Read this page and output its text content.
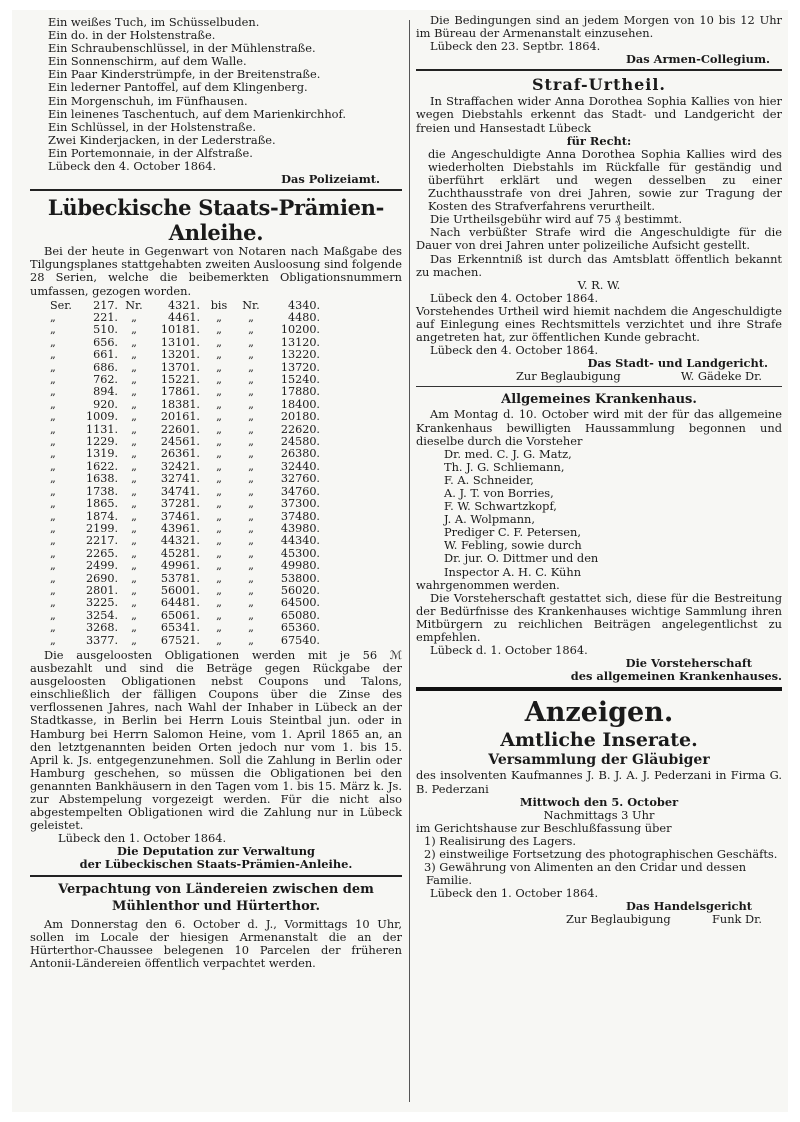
Ein weißes Tuch, im Schüsselbuden.

Ein do. in der Holstenstraße.

Ein Schraubenschlüssel, in der Mühlenstraße.

Ein Sonnenschirm, auf dem Walle.

Ein Paar Kinderstrümpfe, in der Breitenstraße.

Ein lederner Pantoffel, auf dem Klingenberg.

Ein Morgenschuh, im Fünfhausen.

Ein leinenes Taschentuch, auf dem Marienkirchhof.

Ein Schlüssel, in der Holstenstraße.

Zwei Kinderjacken, in der Lederstraße.

Ein Portemonnaie, in der Alfstraße.

Lübeck den 4. October 1864.

Das Polizeiamt.

Lübeckische Staats-Prämien-Anleihe.

Bei der heute in Gegenwart von Notaren nach Maßgabe des Tilgungsplanes stattgehabten zweiten Ausloosung sind folgende 28 Serien, welche die beibemerkten Obligationsnummern umfassen, gezogen worden.

Ser.	217.	Nr.	4321.	bis	Nr.	4340.
„	221.	„	4461.	„	„	4480.
„	510.	„	10181.	„	„	10200.
„	656.	„	13101.	„	„	13120.
„	661.	„	13201.	„	„	13220.
„	686.	„	13701.	„	„	13720.
„	762.	„	15221.	„	„	15240.
„	894.	„	17861.	„	„	17880.
„	920.	„	18381.	„	„	18400.
„	1009.	„	20161.	„	„	20180.
„	1131.	„	22601.	„	„	22620.
„	1229.	„	24561.	„	„	24580.
„	1319.	„	26361.	„	„	26380.
„	1622.	„	32421.	„	„	32440.
„	1638.	„	32741.	„	„	32760.
„	1738.	„	34741.	„	„	34760.
„	1865.	„	37281.	„	„	37300.
„	1874.	„	37461.	„	„	37480.
„	2199.	„	43961.	„	„	43980.
„	2217.	„	44321.	„	„	44340.
„	2265.	„	45281.	„	„	45300.
„	2499.	„	49961.	„	„	49980.
„	2690.	„	53781.	„	„	53800.
„	2801.	„	56001.	„	„	56020.
„	3225.	„	64481.	„	„	64500.
„	3254.	„	65061.	„	„	65080.
„	3268.	„	65341.	„	„	65360.
„	3377.	„	67521.	„	„	67540.

Die ausgeloosten Obligationen werden mit je 56 ℳ ausbezahlt und sind die Beträge gegen Rückgabe der ausgeloosten Obligationen nebst Coupons und Talons, einschließlich der fälligen Coupons über die Zinse des verflossenen Jahres, nach Wahl der Inhaber in Lübeck an der Stadtkasse, in Berlin bei Herrn Louis Steintbal jun. oder in Hamburg bei Herrn Salomon Heine, vom 1. April 1865 an, an den letztgenannten beiden Orten jedoch nur vom 1. bis 15. April k. Js. entgegenzunehmen. Soll die Zahlung in Berlin oder Hamburg geschehen, so müssen die Obligationen bei den genannten Bankhäusern in den Tagen vom 1. bis 15. März k. Js. zur Abstempelung vorgezeigt werden. Für die nicht also abgestempelten Obligationen wird die Zahlung nur in Lübeck geleistet.

Lübeck den 1. October 1864.

Die Deputation zur Verwaltung

der Lübeckischen Staats-Prämien-Anleihe.

Verpachtung von Ländereien zwischen dem
Mühlenthor und Hürterthor.

Am Donnerstag den 6. October d. J., Vormittags 10 Uhr, sollen im Locale der hiesigen Armenanstalt die an der Hürterthor-Chaussee belegenen 10 Parcelen der früheren Antonii-Ländereien öffentlich verpachtet werden.

Die Bedingungen sind an jedem Morgen von 10 bis 12 Uhr im Büreau der Armenanstalt einzusehen.

Lübeck den 23. Septbr. 1864.

Das Armen-Collegium.

Straf-Urtheil.

In Straffachen wider Anna Dorothea Sophia Kallies von hier wegen Diebstahls erkennt das Stadt- und Landgericht der freien und Hansestadt Lübeck

für Recht:

die Angeschuldigte Anna Dorothea Sophia Kallies wird des wiederholten Diebstahls im Rückfalle für geständig und überführt erklärt und wegen desselben zu einer Zuchthausstrafe von drei Jahren, sowie zur Tragung der Kosten des Strafverfahrens verurtheilt.

Die Urtheilsgebühr wird auf 75 ₰ bestimmt.

Nach verbüßter Strafe wird die Angeschuldigte für die Dauer von drei Jahren unter polizeiliche Aufsicht gestellt.

Das Erkenntniß ist durch das Amtsblatt öffentlich bekannt zu machen.

V. R. W.

Lübeck den 4. October 1864.

Vorstehendes Urtheil wird hiemit nachdem die Angeschuldigte auf Einlegung eines Rechtsmittels verzichtet und ihre Strafe angetreten hat, zur öffentlichen Kunde gebracht.

Lübeck den 4. October 1864.

Das Stadt- und Landgericht.

Zur Beglaubigung	W. Gädeke Dr.
Allgemeines Krankenhaus.

Am Montag d. 10. October wird mit der für das allgemeine Krankenhaus bewilligten Haussammlung begonnen und dieselbe durch die Vorsteher

Dr. med. C. J. G. Matz,

Th. J. G. Schliemann,

F. A. Schneider,

A. J. T. von Borries,

F. W. Schwartzkopf,

J. A. Wolpmann,

Prediger C. F. Petersen,

W. Febling, sowie durch

Dr. jur. O. Dittmer und den

Inspector A. H. C. Kühn

wahrgenommen werden.

Die Vorsteherschaft gestattet sich, diese für die Bestreitung der Bedürfnisse des Krankenhauses wichtige Sammlung ihren Mitbürgern zu reichlichen Beiträgen angelegentlichst zu empfehlen.

Lübeck d. 1. October 1864.

Die Vorsteherschaft

des allgemeinen Krankenhauses.

Anzeigen.
Amtliche Inserate.
Versammlung der Gläubiger

des insolventen Kaufmannes J. B. J. A. J. Pederzani in Firma G. B. Pederzani

Mittwoch den 5. October

Nachmittags 3 Uhr

im Gerichtshause zur Beschlußfassung über

1) Realisirung des Lagers.

2) einstweilige Fortsetzung des photographischen Geschäfts.

3) Gewährung von Alimenten an den Cridar und dessen Familie.

Lübeck den 1. October 1864.

Das Handelsgericht

Zur Beglaubigung	Funk Dr.
